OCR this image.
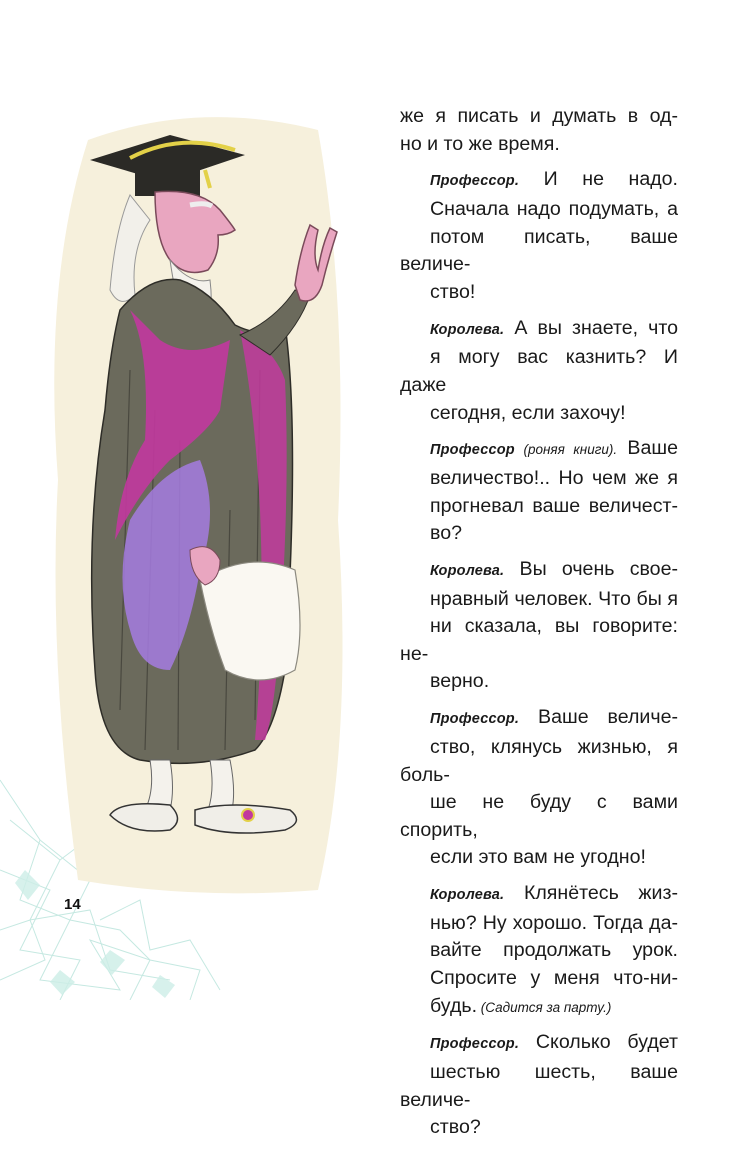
14
же я писать и думать в од-
но и то же время.
Профессор. И не надо.
Сначала надо подумать, а
потом писать, ваше величе-
ство!
Королева. А вы знаете, что
я могу вас казнить? И даже
сегодня, если захочу!
Профессор (роняя книги). Ваше
величество!.. Но чем же я
прогневал ваше величест-
во?
Королева. Вы очень свое-
нравный человек. Что бы я
ни сказала, вы говорите: не-
верно.
Профессор. Ваше величе-
ство, клянусь жизнью, я боль-
ше не буду с вами спорить,
если это вам не угодно!
Королева. Клянётесь жиз-
нью? Ну хорошо. Тогда да-
вайте продолжать урок.
Спросите у меня что-ни-
будь. (Садится за парту.)
Профессор. Сколько будет
шестью шесть, ваше величе-
ство?
